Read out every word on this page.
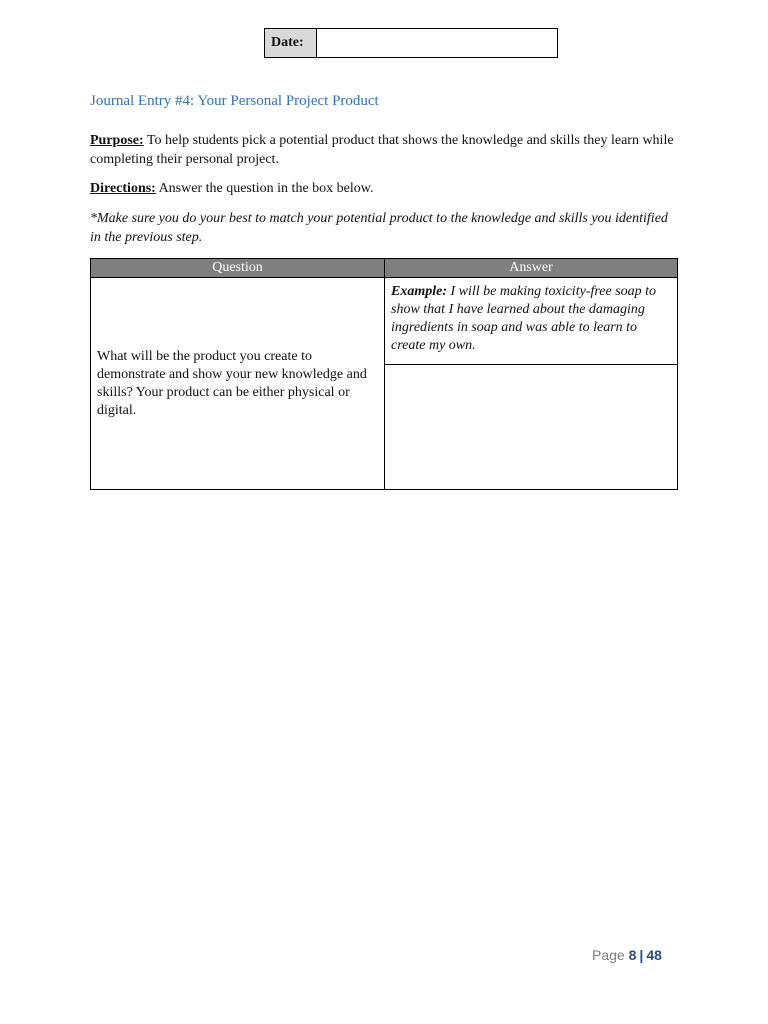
Date:
Journal Entry #4: Your Personal Project Product
Purpose: To help students pick a potential product that shows the knowledge and skills they learn while completing their personal project.
Directions: Answer the question in the box below.
*Make sure you do your best to match your potential product to the knowledge and skills you identified in the previous step.
Question	Answer
What will be the product you create to demonstrate and show your new knowledge and skills? Your product can be either physical or digital.	Example: I will be making toxicity-free soap to show that I have learned about the damaging ingredients in soap and was able to learn to create my own.

Page 8 | 48
